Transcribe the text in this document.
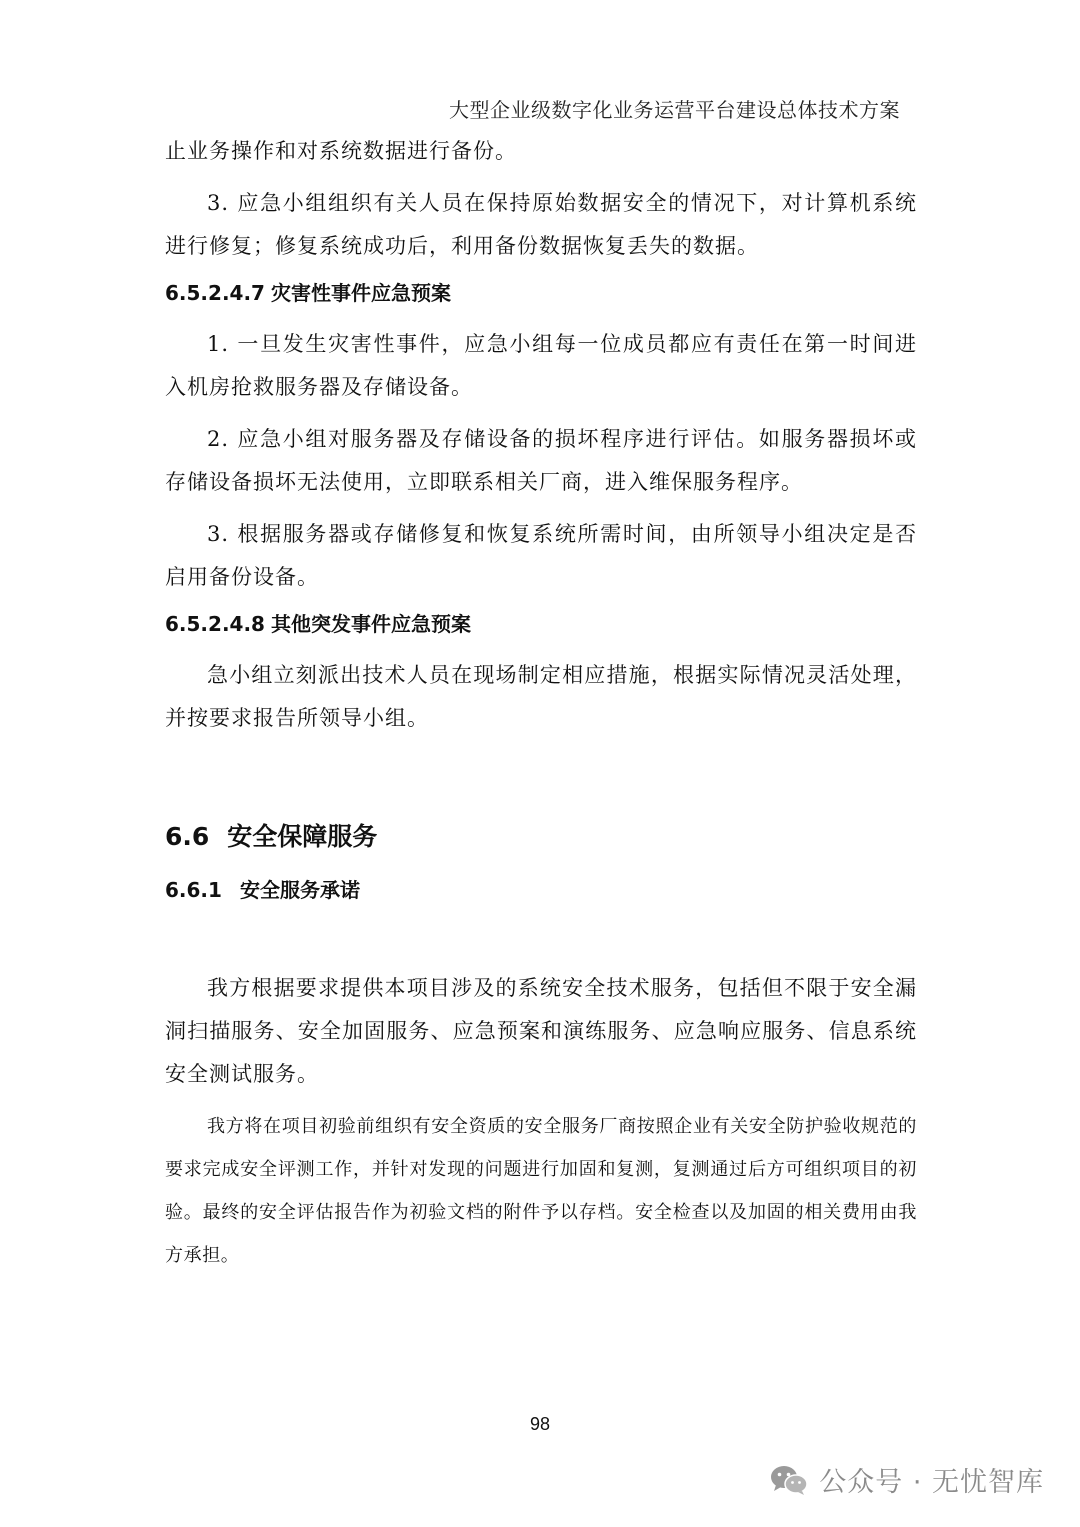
大型企业级数字化业务运营平台建设总体技术方案

止业务操作和对系统数据进行备份。

3. 应急小组组织有关人员在保持原始数据安全的情况下，对计算机系统进行修复；修复系统成功后，利用备份数据恢复丢失的数据。

6.5.2.4.7 灾害性事件应急预案

1. 一旦发生灾害性事件，应急小组每一位成员都应有责任在第一时间进入机房抢救服务器及存储设备。

2. 应急小组对服务器及存储设备的损坏程序进行评估。如服务器损坏或存储设备损坏无法使用，立即联系相关厂商，进入维保服务程序。

3. 根据服务器或存储修复和恢复系统所需时间，由所领导小组决定是否启用备份设备。

6.5.2.4.8 其他突发事件应急预案

急小组立刻派出技术人员在现场制定相应措施，根据实际情况灵活处理，并按要求报告所领导小组。

6.6 安全保障服务
6.6.1 安全服务承诺

我方根据要求提供本项目涉及的系统安全技术服务，包括但不限于安全漏洞扫描服务、安全加固服务、应急预案和演练服务、应急响应服务、信息系统安全测试服务。

我方将在项目初验前组织有安全资质的安全服务厂商按照企业有关安全防护验收规范的要求完成安全评测工作，并针对发现的问题进行加固和复测，复测通过后方可组织项目的初验。最终的安全评估报告作为初验文档的附件予以存档。安全检查以及加固的相关费用由我方承担。

98
公众号 · 无忧智库
